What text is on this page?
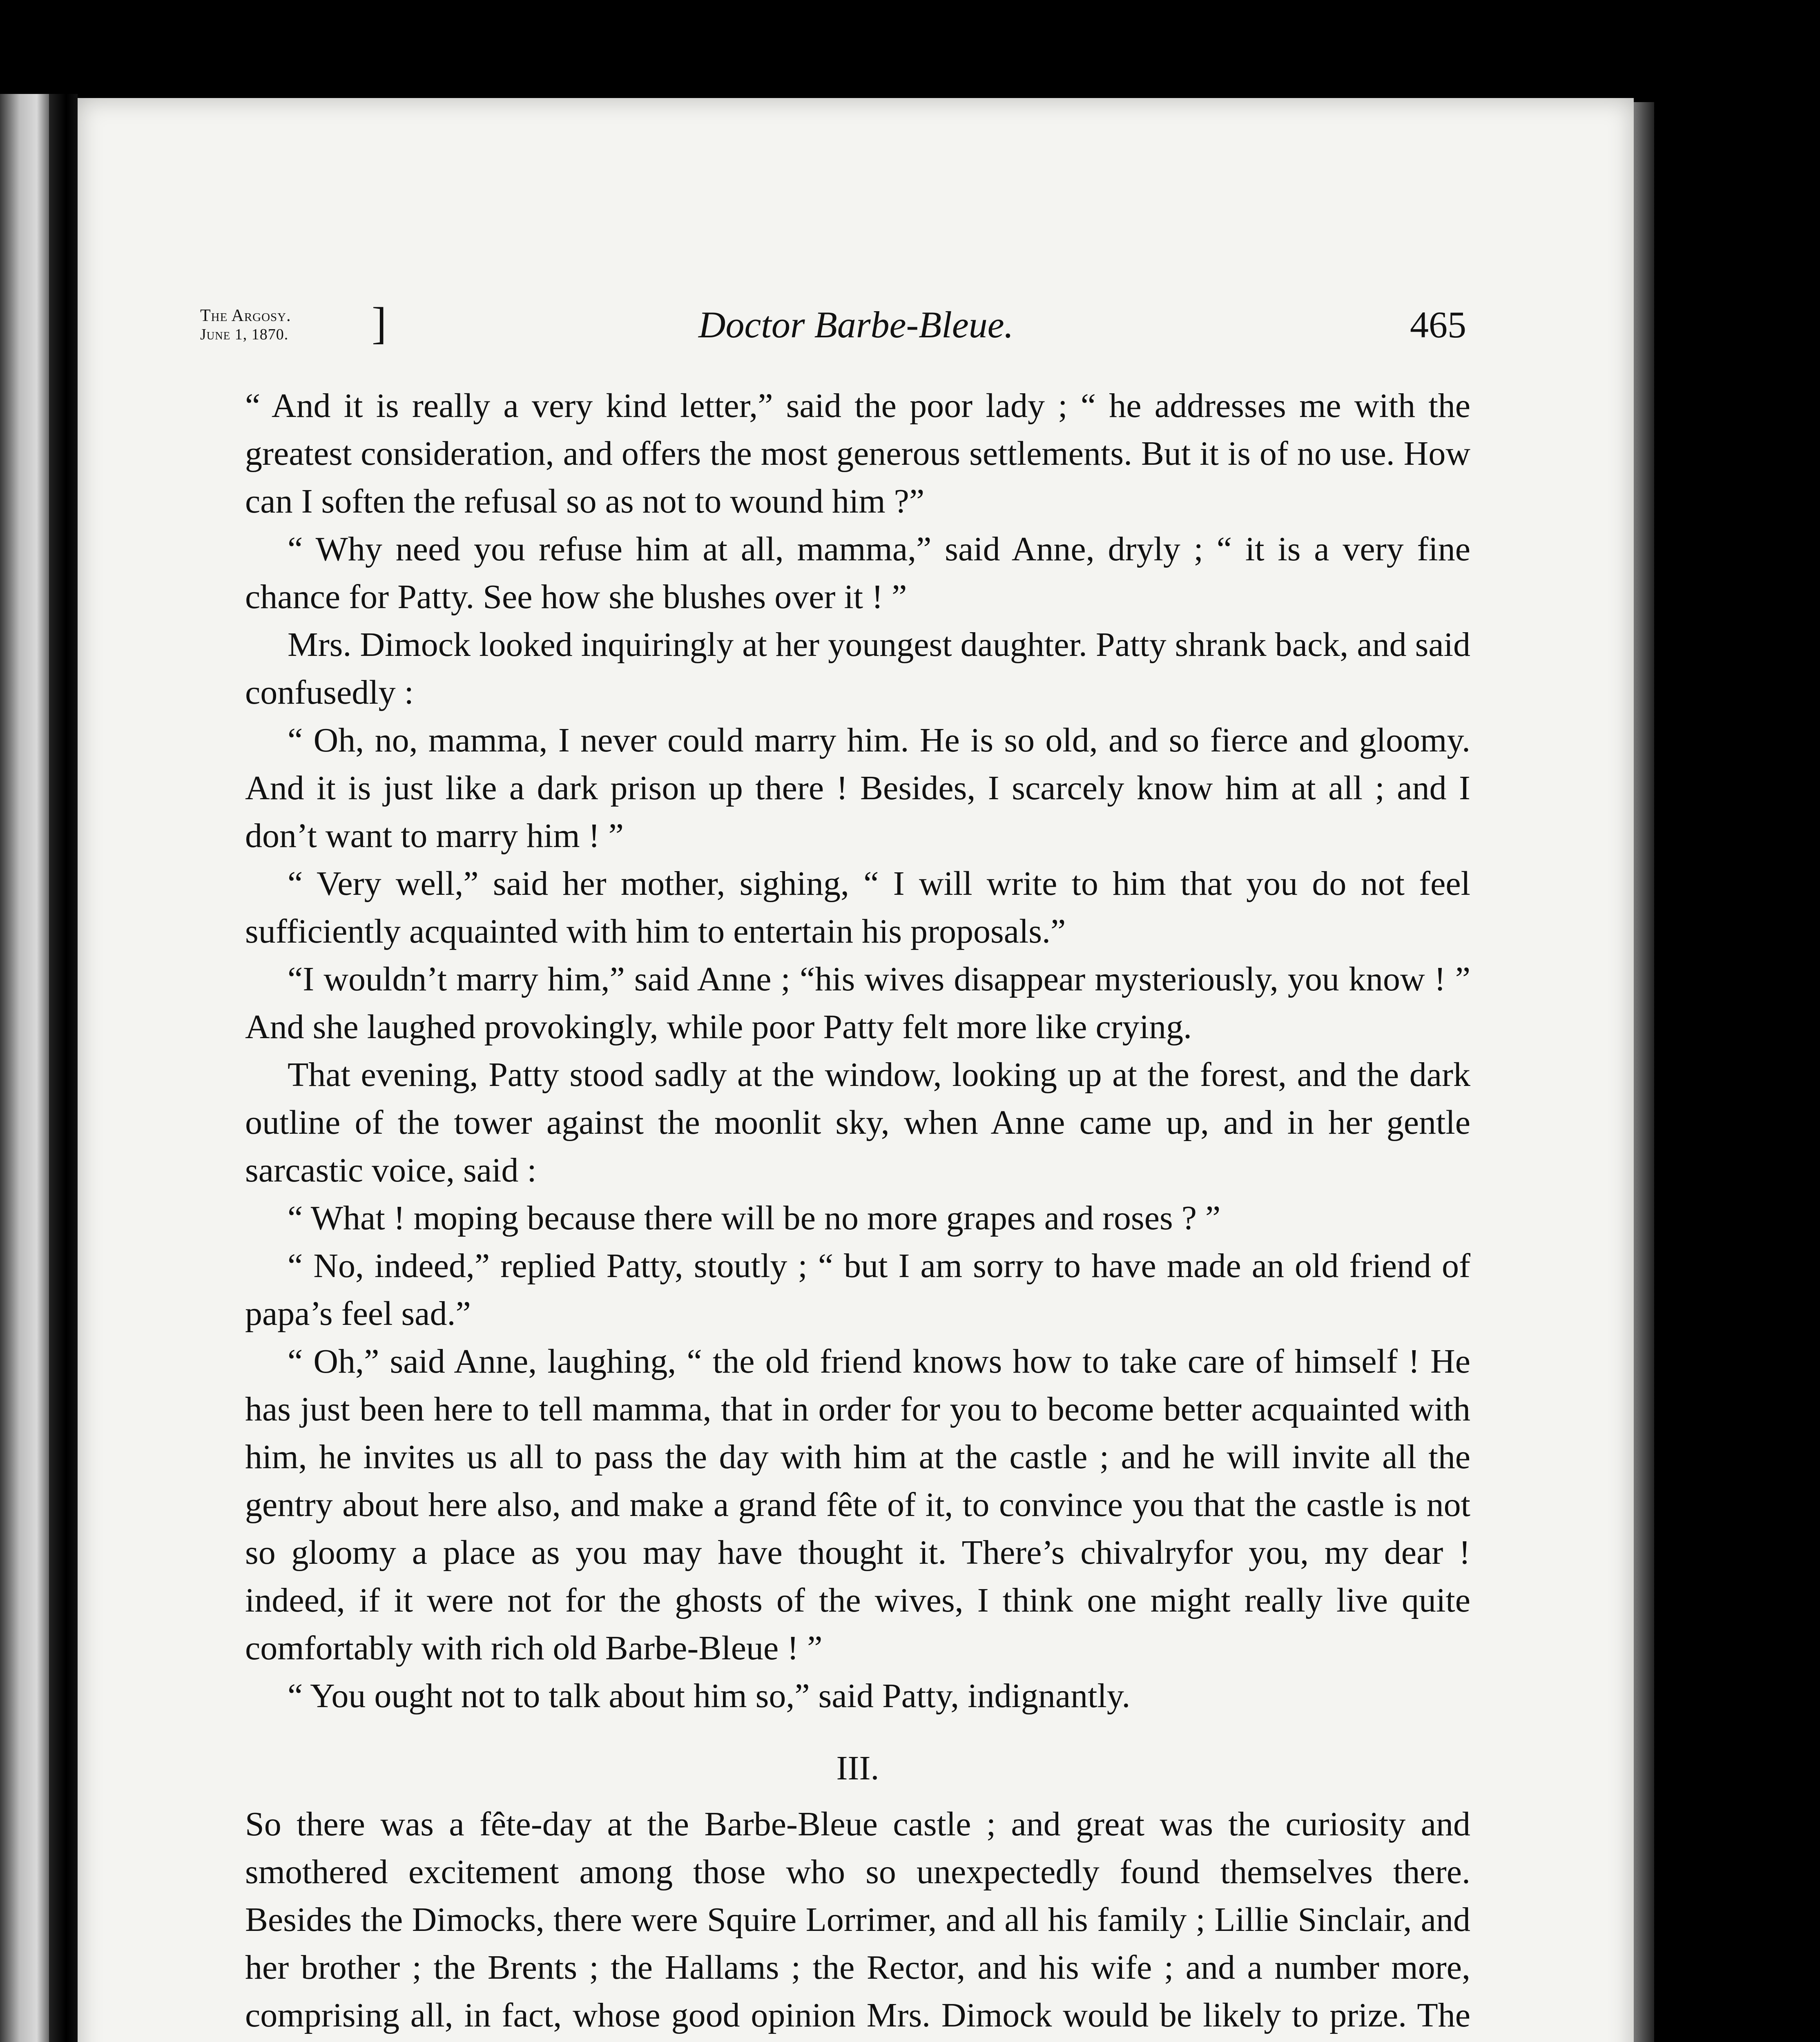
The Argosy.
June 1, 1870. ]	Doctor Barbe-Bleue.	465

“ And it is really a very kind letter,” said the poor lady ; “ he addresses me with the greatest consideration, and offers the most generous settlements. But it is of no use. How can I soften the refusal so as not to wound him ?”

“ Why need you refuse him at all, mamma,” said Anne, dryly ; “ it is a very fine chance for Patty. See how she blushes over it ! ”

Mrs. Dimock looked inquiringly at her youngest daughter. Patty shrank back, and said confusedly :

“ Oh, no, mamma, I never could marry him. He is so old, and so fierce and gloomy. And it is just like a dark prison up there ! Besides, I scarcely know him at all ; and I don’t want to marry him ! ”

“ Very well,” said her mother, sighing, “ I will write to him that you do not feel sufficiently acquainted with him to entertain his proposals.”

“I wouldn’t marry him,” said Anne ; “his wives disappear mysteriously, you know ! ” And she laughed provokingly, while poor Patty felt more like crying.

That evening, Patty stood sadly at the window, looking up at the forest, and the dark outline of the tower against the moonlit sky, when Anne came up, and in her gentle sarcastic voice, said :

“ What ! moping because there will be no more grapes and roses ? ”

“ No, indeed,” replied Patty, stoutly ; “ but I am sorry to have made an old friend of papa’s feel sad.”

“ Oh,” said Anne, laughing, “ the old friend knows how to take care of himself ! He has just been here to tell mamma, that in order for you to become better acquainted with him, he invites us all to pass the day with him at the castle ; and he will invite all the gentry about here also, and make a grand fête of it, to convince you that the castle is not so gloomy a place as you may have thought it. There’s chivalryfor you, my dear ! indeed, if it were not for the ghosts of the wives, I think one might really live quite comfortably with rich old Barbe-Bleue ! ”

“ You ought not to talk about him so,” said Patty, indignantly.

III.

So there was a fête-day at the Barbe-Bleue castle ; and great was the curiosity and smothered excitement among those who so unexpectedly found themselves there. Besides the Dimocks, there were Squire Lorrimer, and all his family ; Lillie Sinclair, and her brother ; the Brents ; the Hallams ; the Rector, and his wife ; and a number more, comprising all, in fact, whose good opinion Mrs. Dimock would be likely to prize. The
